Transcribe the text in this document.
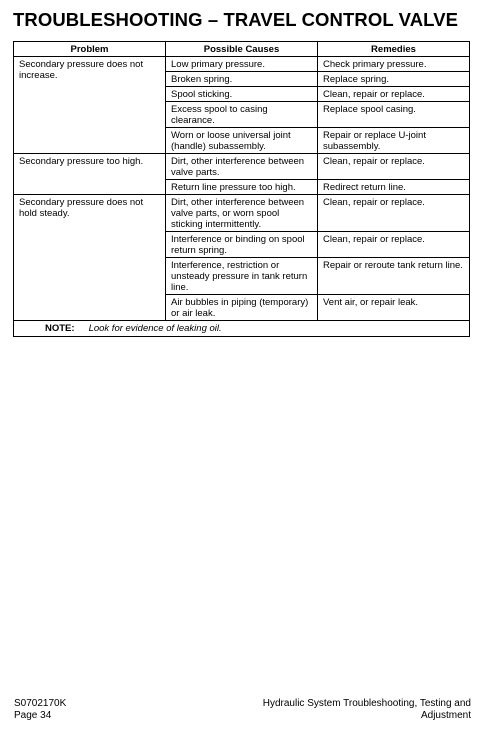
TROUBLESHOOTING – TRAVEL CONTROL VALVE
Problem	Possible Causes	Remedies
Secondary pressure does not increase.	Low primary pressure.	Check primary pressure.
	Broken spring.	Replace spring.
	Spool sticking.	Clean, repair or replace.
	Excess spool to casing clearance.	Replace spool casing.
	Worn or loose universal joint (handle) subassembly.	Repair or replace U-joint subassembly.
Secondary pressure too high.	Dirt, other interference between valve parts.	Clean, repair or replace.
	Return line pressure too high.	Redirect return line.
Secondary pressure does not hold steady.	Dirt, other interference between valve parts, or worn spool sticking intermittently.	Clean, repair or replace.
	Interference or binding on spool return spring.	Clean, repair or replace.
	Interference, restriction or unsteady pressure in tank return line.	Repair or reroute tank return line.
	Air bubbles in piping (temporary) or air leak.	Vent air, or repair leak.
NOTE: Look for evidence of leaking oil.		
S0702170K
Page 34
Hydraulic System Troubleshooting, Testing and
Adjustment
